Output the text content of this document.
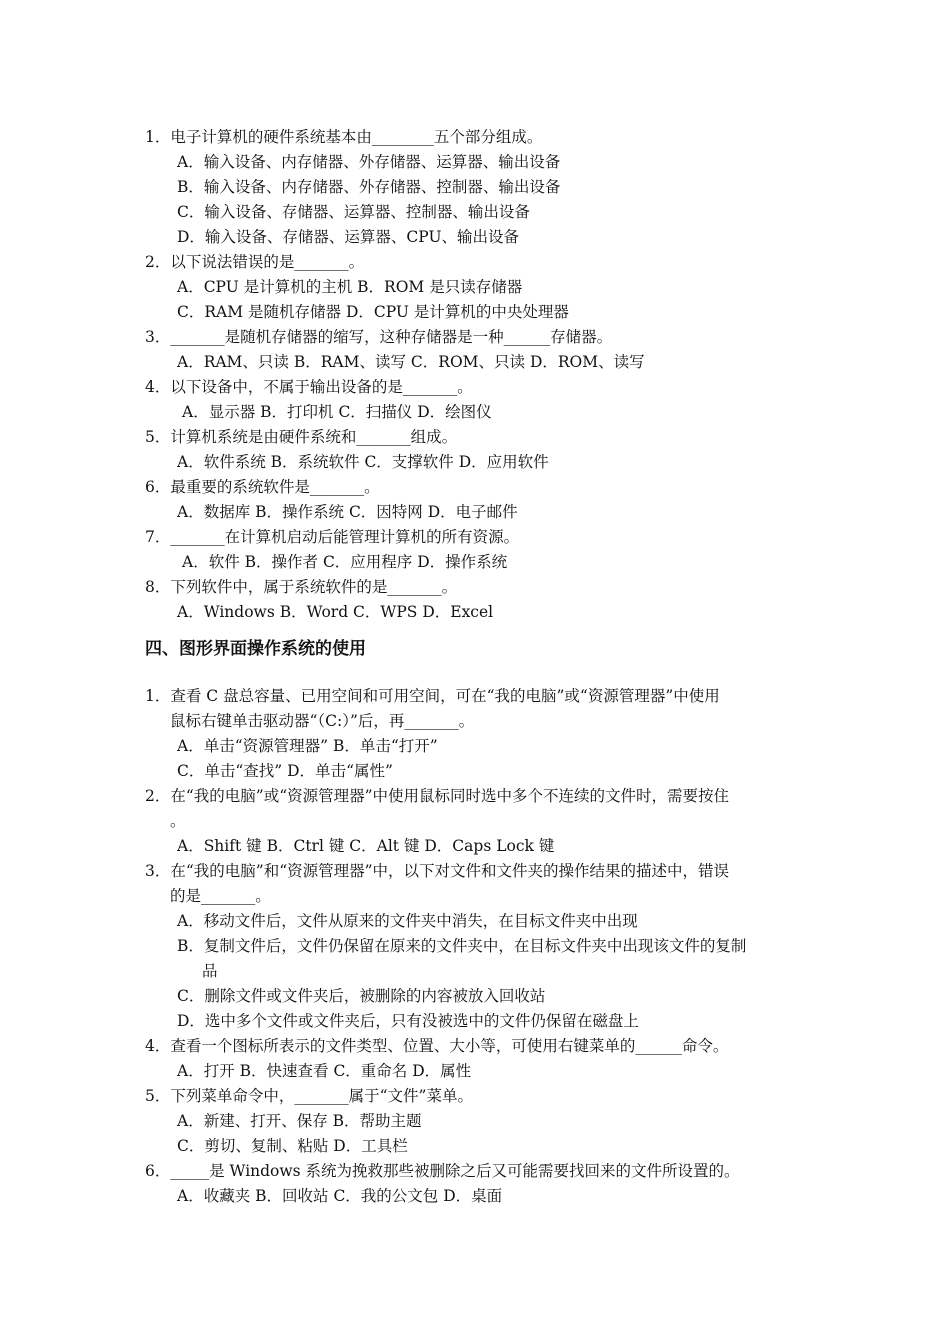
1．电子计算机的硬件系统基本由________五个部分组成。
A．输入设备、内存储器、外存储器、运算器、输出设备
B．输入设备、内存储器、外存储器、控制器、输出设备
C．输入设备、存储器、运算器、控制器、输出设备
D．输入设备、存储器、运算器、CPU、输出设备
2．以下说法错误的是_______。
A．CPU 是计算机的主机 B．ROM 是只读存储器
C．RAM 是随机存储器 D．CPU 是计算机的中央处理器
3．_______是随机存储器的缩写，这种存储器是一种______存储器。
A．RAM、只读 B．RAM、读写 C．ROM、只读 D．ROM、读写
4．以下设备中，不属于输出设备的是_______。
A．显示器 B．打印机 C．扫描仪 D．绘图仪
5．计算机系统是由硬件系统和_______组成。
A．软件系统 B．系统软件 C．支撑软件 D．应用软件
6．最重要的系统软件是_______。
A．数据库 B．操作系统 C．因特网 D．电子邮件
7．_______在计算机启动后能管理计算机的所有资源。
A．软件 B．操作者 C．应用程序 D．操作系统
8．下列软件中，属于系统软件的是_______。
A．Windows B．Word C．WPS D．Excel
四、图形界面操作系统的使用
1．查看 C 盘总容量、已用空间和可用空间，可在“我的电脑”或“资源管理器”中使用
鼠标右键单击驱动器“（C:）”后，再_______。
A．单击“资源管理器” B．单击“打开”
C．单击“查找” D．单击“属性”
2．在“我的电脑”或“资源管理器”中使用鼠标同时选中多个不连续的文件时，需要按住
。
A．Shift 键 B．Ctrl 键 C．Alt 键 D．Caps Lock 键
3．在“我的电脑”和“资源管理器”中，以下对文件和文件夹的操作结果的描述中，错误
的是_______。
A．移动文件后，文件从原来的文件夹中消失，在目标文件夹中出现
B．复制文件后，文件仍保留在原来的文件夹中，在目标文件夹中出现该文件的复制
品
C．删除文件或文件夹后，被删除的内容被放入回收站
D．选中多个文件或文件夹后，只有没被选中的文件仍保留在磁盘上
4．查看一个图标所表示的文件类型、位置、大小等，可使用右键菜单的______命令。
A．打开 B．快速查看 C．重命名 D．属性
5．下列菜单命令中，_______属于“文件”菜单。
A．新建、打开、保存 B．帮助主题
C．剪切、复制、粘贴 D．工具栏
6．_____是 Windows 系统为挽救那些被删除之后又可能需要找回来的文件所设置的。
A．收藏夹 B．回收站 C．我的公文包 D．桌面
